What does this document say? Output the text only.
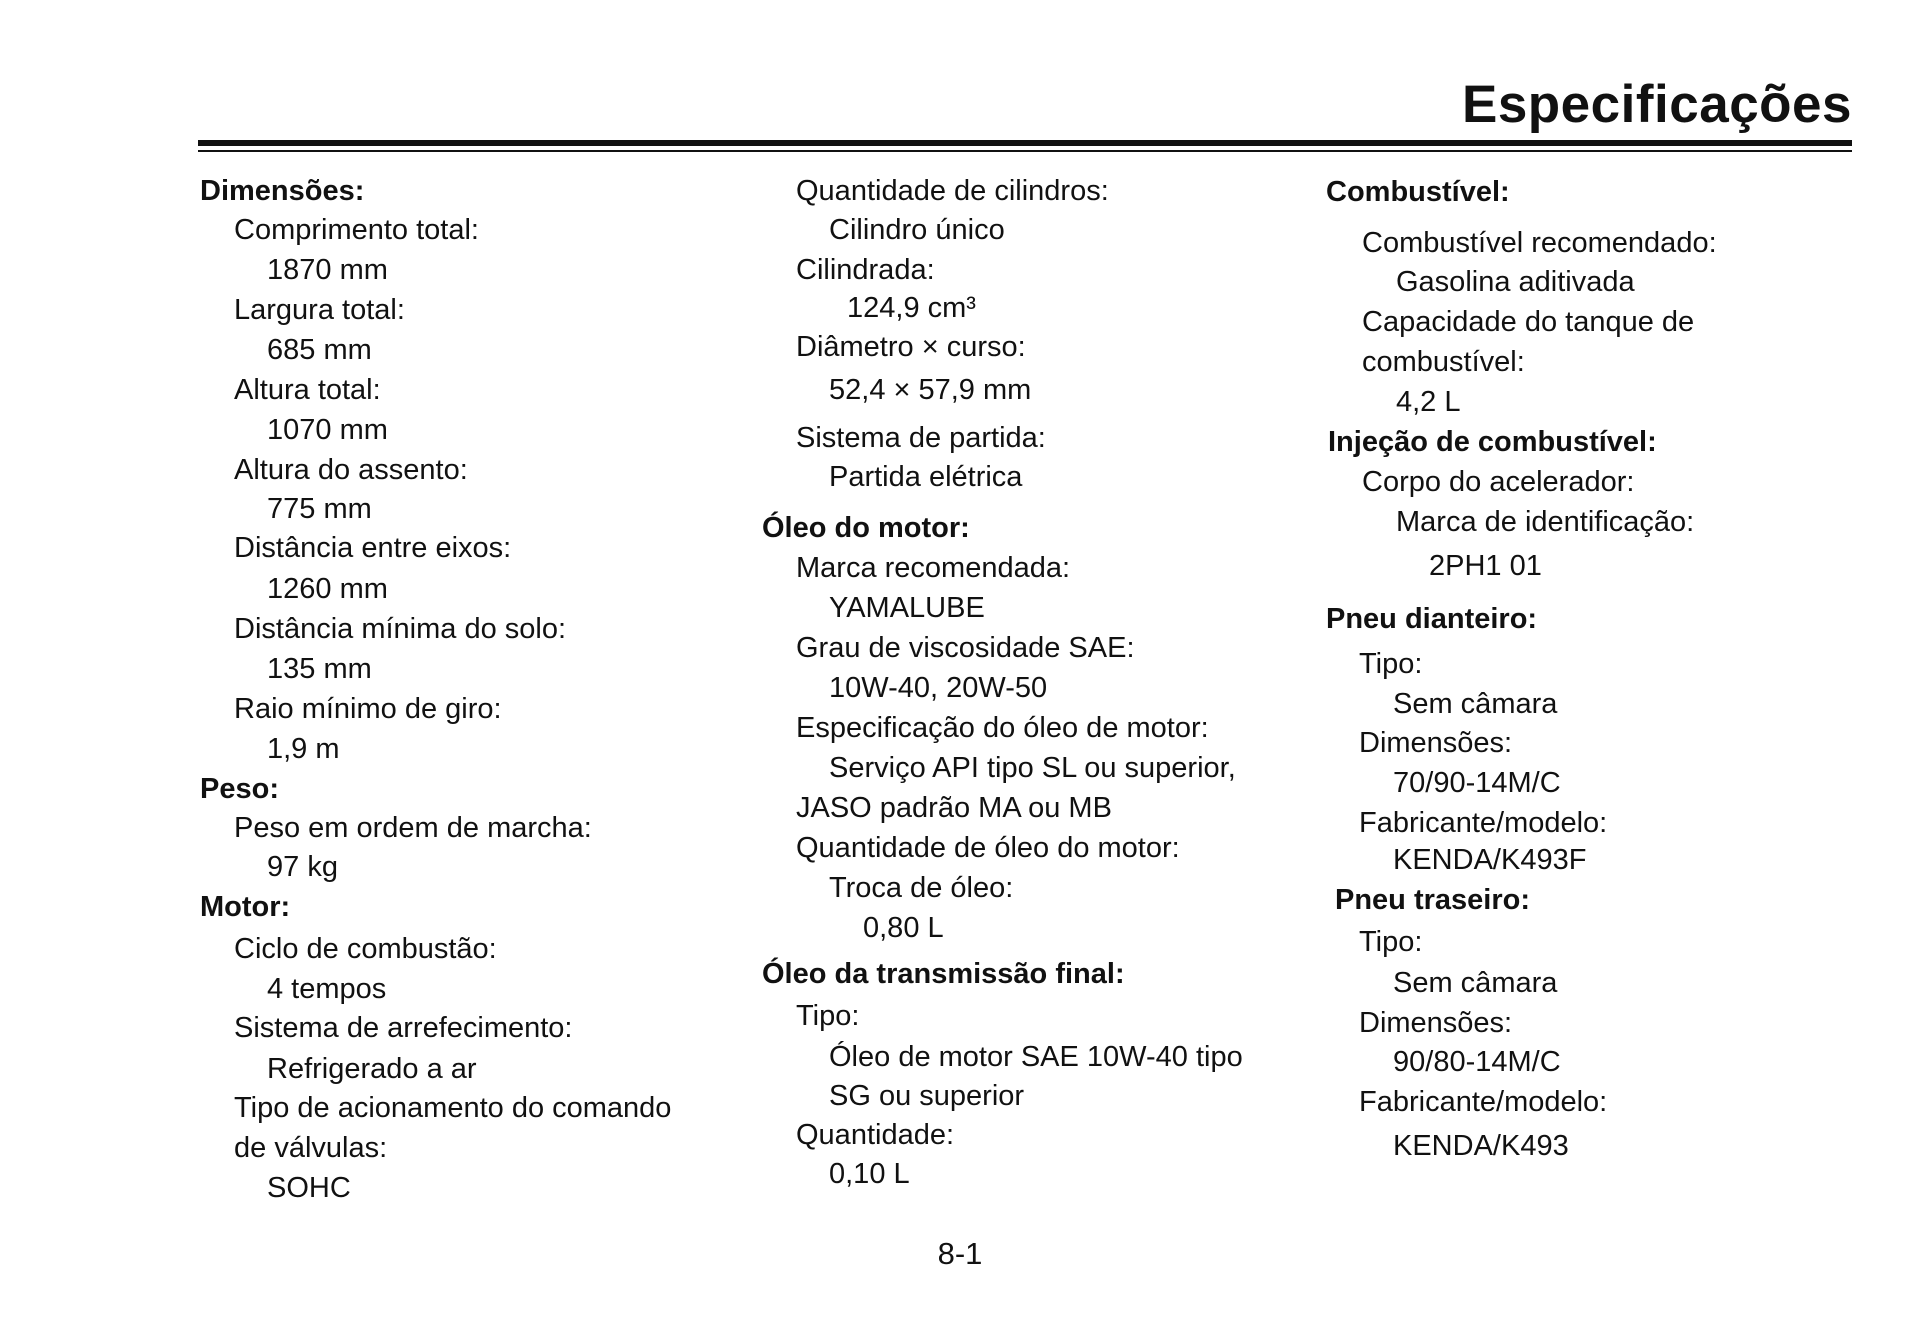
Especificações
Dimensões:
Comprimento total:
1870 mm
Largura total:
685 mm
Altura total:
1070 mm
Altura do assento:
775 mm
Distância entre eixos:
1260 mm
Distância mínima do solo:
135 mm
Raio mínimo de giro:
1,9 m
Peso:
Peso em ordem de marcha:
97 kg
Motor:
Ciclo de combustão:
4 tempos
Sistema de arrefecimento:
Refrigerado a ar
Tipo de acionamento do comando
de válvulas:
SOHC
Quantidade de cilindros:
Cilindro único
Cilindrada:
124,9 cm³
Diâmetro × curso:
52,4 × 57,9 mm
Sistema de partida:
Partida elétrica
Óleo do motor:
Marca recomendada:
YAMALUBE
Grau de viscosidade SAE:
10W-40, 20W-50
Especificação do óleo de motor:
Serviço API tipo SL ou superior,
JASO padrão MA ou MB
Quantidade de óleo do motor:
Troca de óleo:
0,80 L
Óleo da transmissão final:
Tipo:
Óleo de motor SAE 10W-40 tipo
SG ou superior
Quantidade:
0,10 L
Combustível:
Combustível recomendado:
Gasolina aditivada
Capacidade do tanque de
combustível:
4,2 L
Injeção de combustível:
Corpo do acelerador:
Marca de identificação:
2PH1 01
Pneu dianteiro:
Tipo:
Sem câmara
Dimensões:
70/90-14M/C
Fabricante/modelo:
KENDA/K493F
Pneu traseiro:
Tipo:
Sem câmara
Dimensões:
90/80-14M/C
Fabricante/modelo:
KENDA/K493
8-1
